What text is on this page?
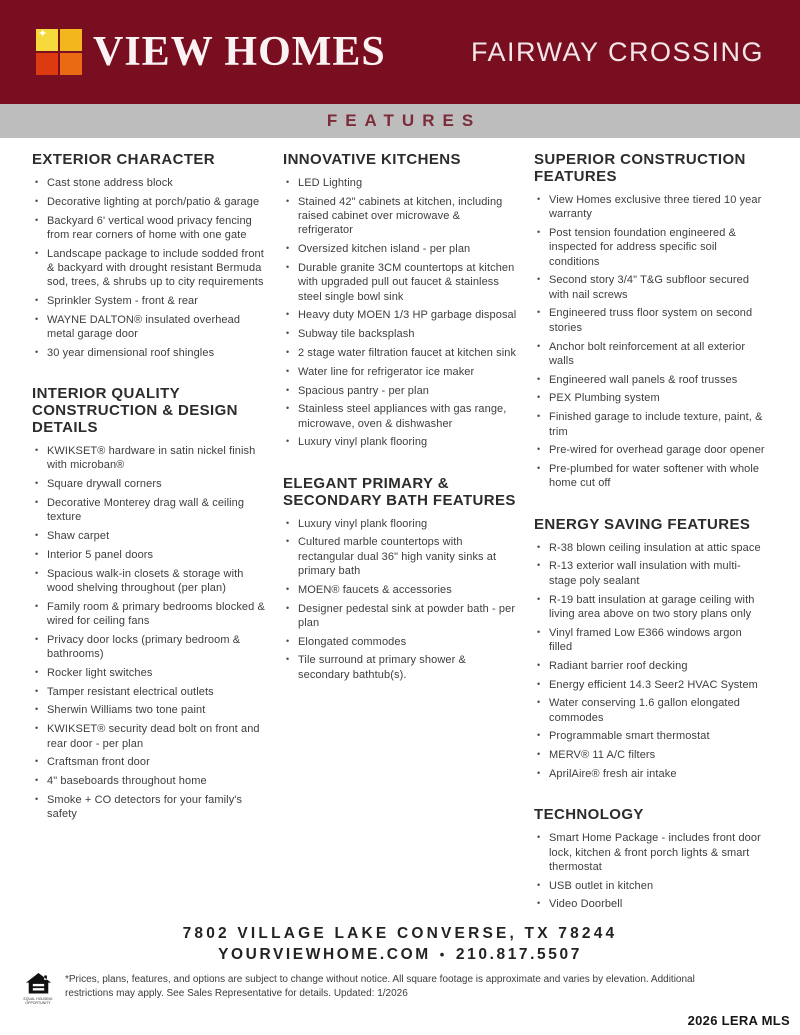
✦ VIEW HOMES	FAIRWAY CROSSING
FEATURES
EXTERIOR CHARACTER
• Cast stone address block
• Decorative lighting at porch/patio & garage
• Backyard 6' vertical wood privacy fencing from rear corners of home with one gate
• Landscape package to include sodded front & backyard with drought resistant Bermuda sod, trees, & shrubs up to city requirements
• Sprinkler System - front & rear
• WAYNE DALTON® insulated overhead metal garage door
• 30 year dimensional roof shingles
INTERIOR QUALITY CONSTRUCTION & DESIGN DETAILS
• KWIKSET® hardware in satin nickel finish with microban®
• Square drywall corners
• Decorative Monterey drag wall & ceiling texture
• Shaw carpet
• Interior 5 panel doors
• Spacious walk-in closets & storage with wood shelving throughout (per plan)
• Family room & primary bedrooms blocked & wired for ceiling fans
• Privacy door locks (primary bedroom & bathrooms)
• Rocker light switches
• Tamper resistant electrical outlets
• Sherwin Williams two tone paint
• KWIKSET® security dead bolt on front and rear door - per plan
• Craftsman front door
• 4" baseboards throughout home
• Smoke + CO detectors for your family's safety
INNOVATIVE KITCHENS
• LED Lighting
• Stained 42" cabinets at kitchen, including raised cabinet over microwave & refrigerator
• Oversized kitchen island - per plan
• Durable granite 3CM countertops at kitchen with upgraded pull out faucet & stainless steel single bowl sink
• Heavy duty MOEN 1/3 HP garbage disposal
• Subway tile backsplash
• 2 stage water filtration faucet at kitchen sink
• Water line for refrigerator ice maker
• Spacious pantry - per plan
• Stainless steel appliances with gas range, microwave, oven & dishwasher
• Luxury vinyl plank flooring
ELEGANT PRIMARY & SECONDARY BATH FEATURES
• Luxury vinyl plank flooring
• Cultured marble countertops with rectangular dual 36" high vanity sinks at primary bath
• MOEN® faucets & accessories
• Designer pedestal sink at powder bath - per plan
• Elongated commodes
• Tile surround at primary shower & secondary bathtub(s).
SUPERIOR CONSTRUCTION FEATURES
• View Homes exclusive three tiered 10 year warranty
• Post tension foundation engineered & inspected for address specific soil conditions
• Second story 3/4" T&G subfloor secured with nail screws
• Engineered truss floor system on second stories
• Anchor bolt reinforcement at all exterior walls
• Engineered wall panels & roof trusses
• PEX Plumbing system
• Finished garage to include texture, paint, & trim
• Pre-wired for overhead garage door opener
• Pre-plumbed for water softener with whole home cut off
ENERGY SAVING FEATURES
• R-38 blown ceiling insulation at attic space
• R-13 exterior wall insulation with multi-stage poly sealant
• R-19 batt insulation at garage ceiling with living area above on two story plans only
• Vinyl framed Low E366 windows argon filled
• Radiant barrier roof decking
• Energy efficient 14.3 Seer2 HVAC System
• Water conserving 1.6 gallon elongated commodes
• Programmable smart thermostat
• MERV® 11 A/C filters
• AprilAire® fresh air intake
TECHNOLOGY
• Smart Home Package - includes front door lock, kitchen & front porch lights & smart thermostat
• USB outlet in kitchen
• Video Doorbell
7802 VILLAGE LAKE CONVERSE, TX 78244
YOURVIEWHOME.COM • 210.817.5507
EQUAL HOUSING OPPORTUNITY
*Prices, plans, features, and options are subject to change without notice. All square footage is approximate and varies by elevation. Additional restrictions may apply. See Sales Representative for details. Updated: 1/2026
2026 LERA MLS
